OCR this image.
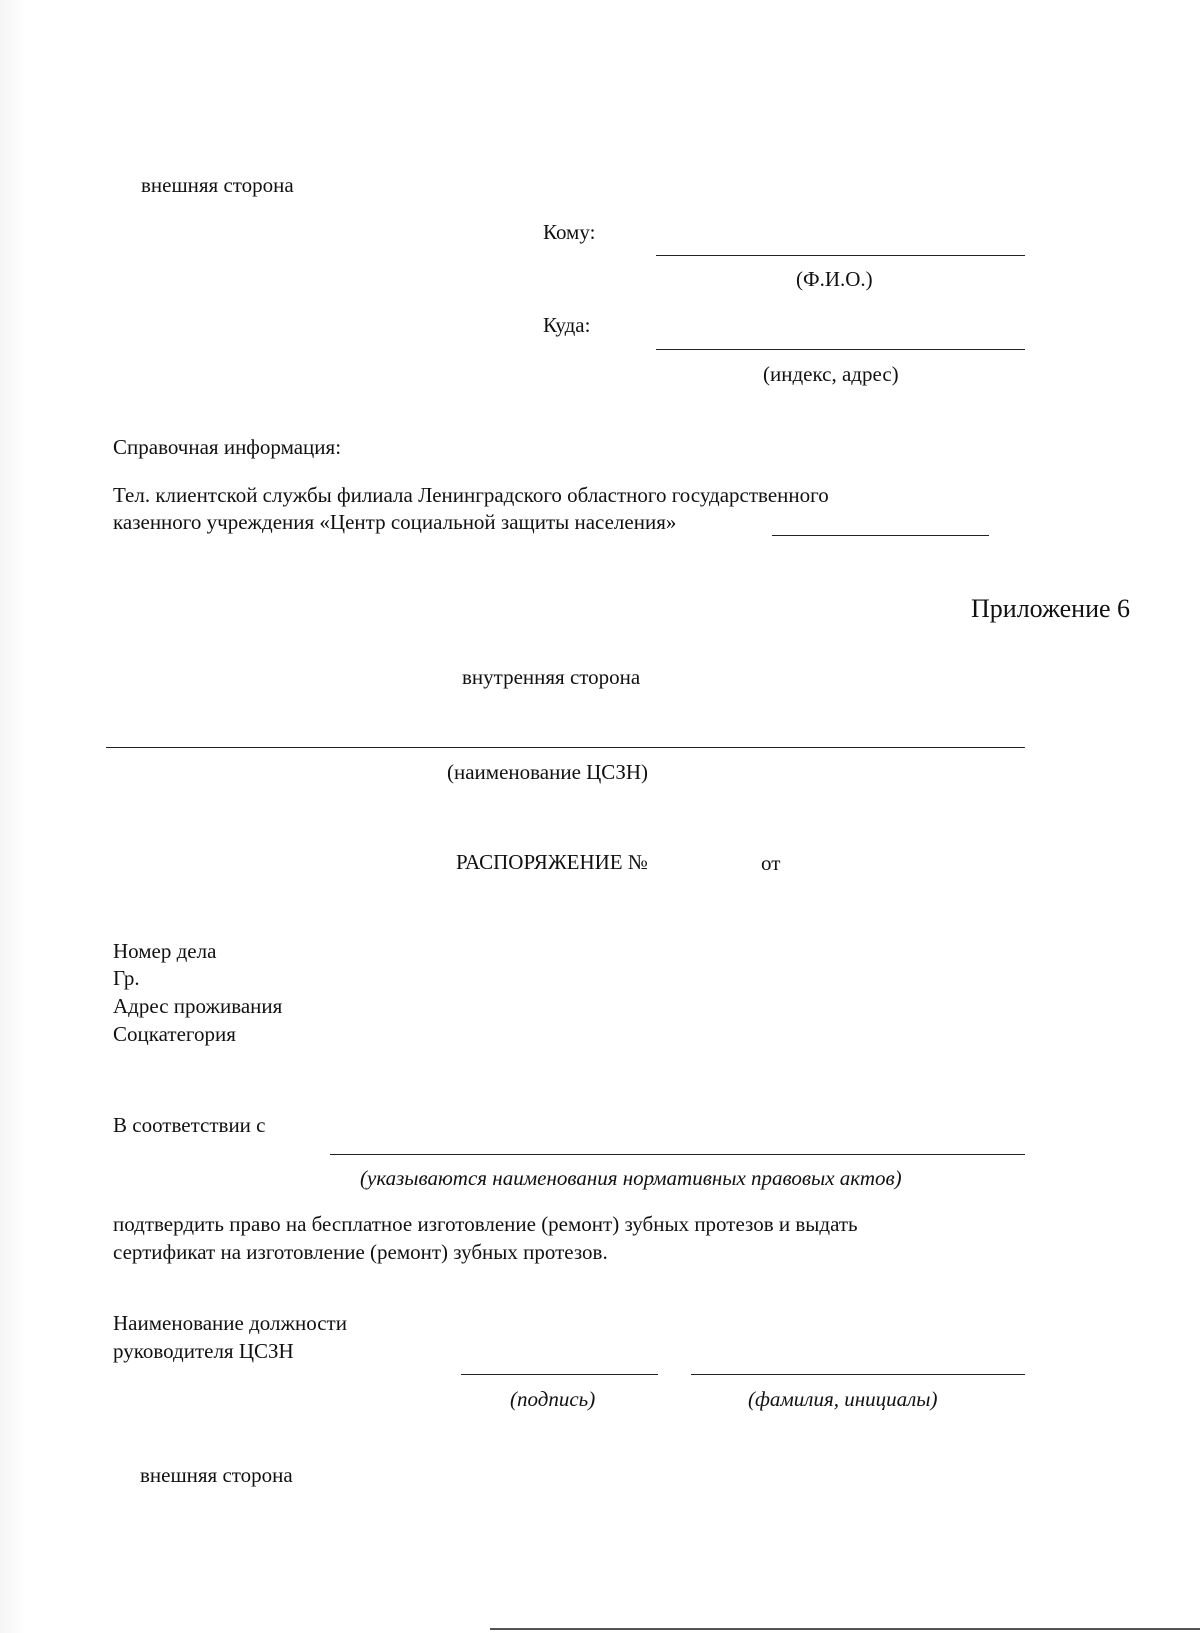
внешняя сторона
Кому:
(Ф.И.О.)
Куда:
(индекс, адрес)
Справочная информация:
Тел. клиентской службы филиала Ленинградского областного государственного
казенного учреждения «Центр социальной защиты населения»
Приложение 6
внутренняя сторона
(наименование ЦСЗН)
РАСПОРЯЖЕНИЕ №	от
Номер дела
Гр.
Адрес проживания
Соцкатегория
В соответствии с
(указываются наименования нормативных правовых актов)
подтвердить право на бесплатное изготовление (ремонт) зубных протезов и выдать
сертификат на изготовление (ремонт) зубных протезов.
Наименование должности
руководителя ЦСЗН
(подпись)	(фамилия, инициалы)
внешняя сторона
